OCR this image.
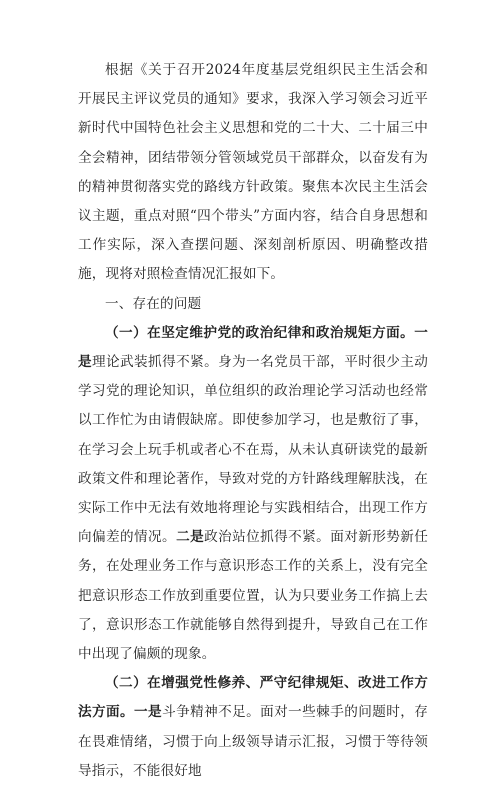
根据《关于召开2024年度基层党组织民主生活会和开展民主评议党员的通知》要求，我深入学习领会习近平新时代中国特色社会主义思想和党的二十大、二十届三中全会精神，团结带领分管领域党员干部群众，以奋发有为的精神贯彻落实党的路线方针政策。聚焦本次民主生活会议主题，重点对照“四个带头”方面内容，结合自身思想和工作实际，深入查摆问题、深刻剖析原因、明确整改措施，现将对照检查情况汇报如下。

一、存在的问题

（一）在坚定维护党的政治纪律和政治规矩方面。一是理论武装抓得不紧。身为一名党员干部，平时很少主动学习党的理论知识，单位组织的政治理论学习活动也经常以工作忙为由请假缺席。即使参加学习，也是敷衍了事，在学习会上玩手机或者心不在焉，从未认真研读党的最新政策文件和理论著作，导致对党的方针路线理解肤浅，在实际工作中无法有效地将理论与实践相结合，出现工作方向偏差的情况。二是政治站位抓得不紧。面对新形势新任务，在处理业务工作与意识形态工作的关系上，没有完全把意识形态工作放到重要位置，认为只要业务工作搞上去了，意识形态工作就能够自然得到提升，导致自己在工作中出现了偏颇的现象。

（二）在增强党性修养、严守纪律规矩、改进工作方法方面。一是斗争精神不足。面对一些棘手的问题时，存在畏难情绪，习惯于向上级领导请示汇报，习惯于等待领导指示，不能很好地
